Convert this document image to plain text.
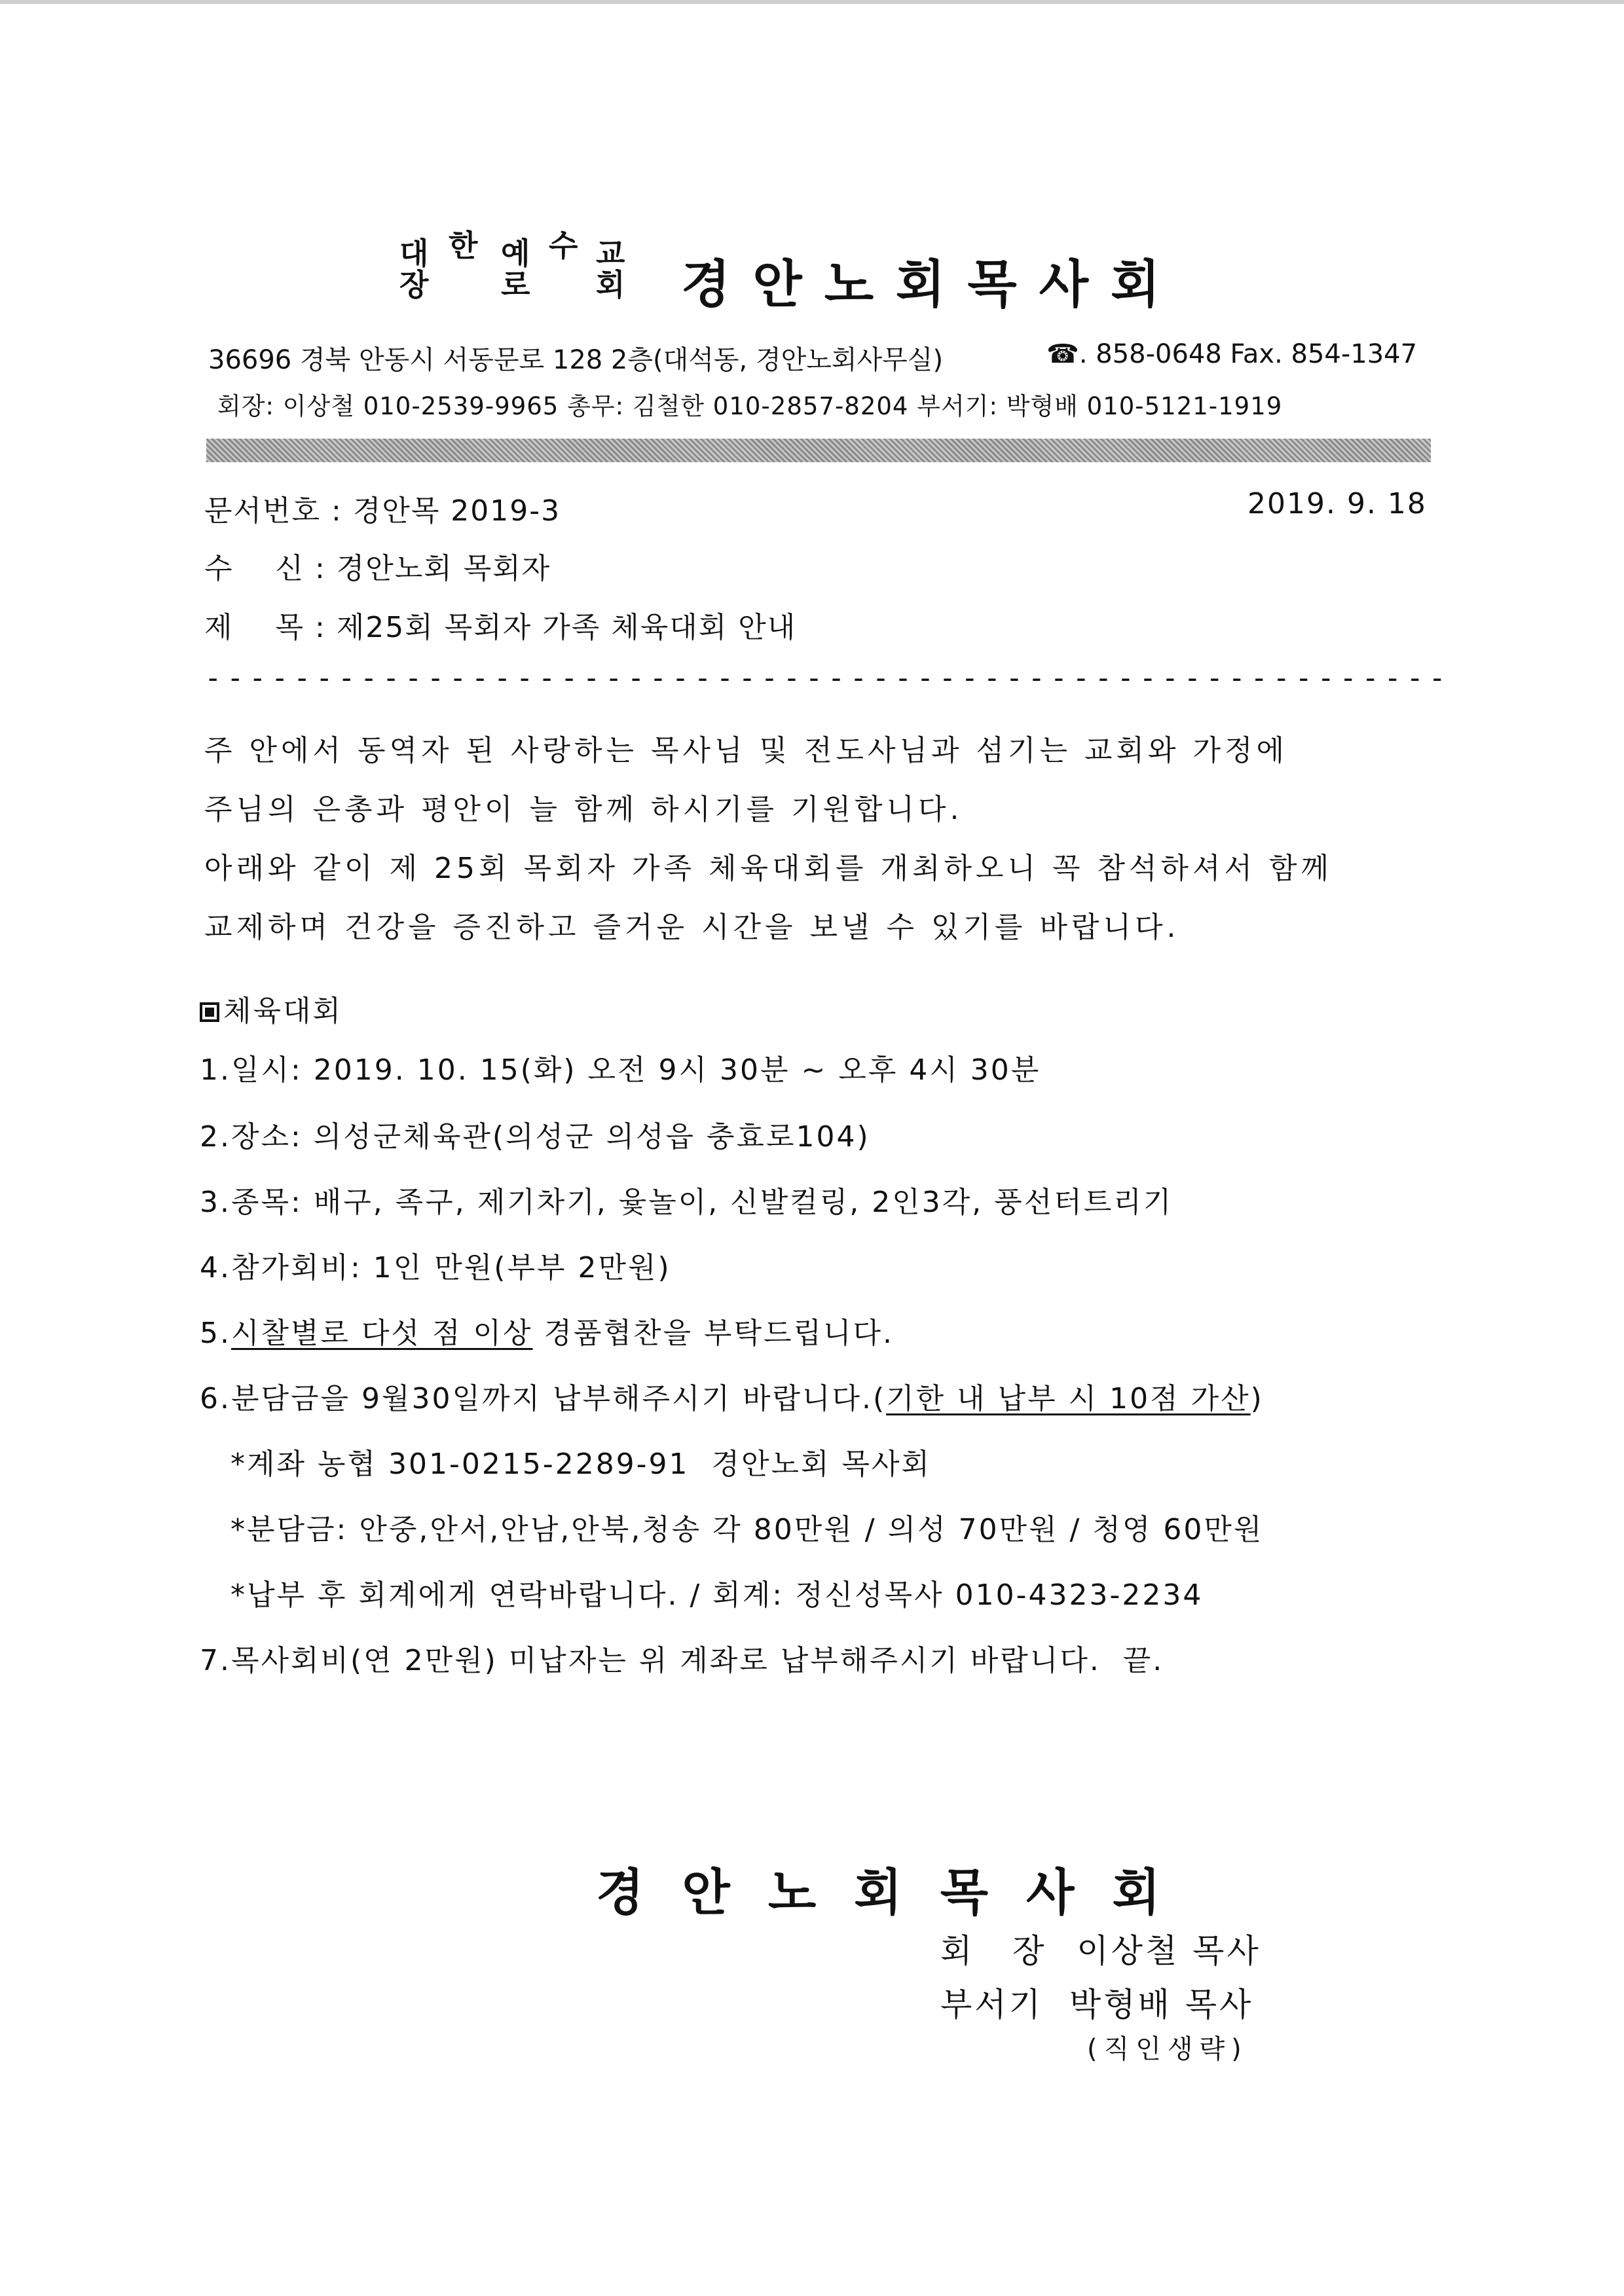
대 한 예 수 교
장 로 회 경안노회목사회
36696 경북 안동시 서동문로 128 2층(대석동, 경안노회사무실)	☎. 858-0648 Fax. 854-1347
회장: 이상철 010-2539-9965 총무: 김철한 010-2857-8204 부서기: 박형배 010-5121-1919
문서번호 : 경안목 2019-3	2019. 9. 18
수    신 : 경안노회 목회자
제    목 : 제25회 목회자 가족 체육대회 안내
--------------------------------------------------------
주 안에서 동역자 된 사랑하는 목사님 및 전도사님과 섬기는 교회와 가정에
주님의 은총과 평안이 늘 함께 하시기를 기원합니다.
아래와 같이 제 25회 목회자 가족 체육대회를 개최하오니 꼭 참석하셔서 함께
교제하며 건강을 증진하고 즐거운 시간을 보낼 수 있기를 바랍니다.
체육대회
1.일시: 2019. 10. 15(화) 오전 9시 30분 ~ 오후 4시 30분
2.장소: 의성군체육관(의성군 의성읍 충효로104)
3.종목: 배구, 족구, 제기차기, 윷놀이, 신발컬링, 2인3각, 풍선터트리기
4.참가회비: 1인 만원(부부 2만원)
5.시찰별로 다섯 점 이상 경품협찬을 부탁드립니다.
6.분담금을 9월30일까지 납부해주시기 바랍니다.(기한 내 납부 시 10점 가산)
*계좌 농협 301-0215-2289-91  경안노회 목사회
*분담금: 안중,안서,안남,안북,청송 각 80만원 / 의성 70만원 / 청영 60만원
*납부 후 회계에게 연락바랍니다. / 회계: 정신성목사 010-4323-2234
7.목사회비(연 2만원) 미납자는 위 계좌로 납부해주시기 바랍니다.  끝.
경안노회목사회
회  장 이상철 목사
부서기 박형배 목사
(직인생략)
